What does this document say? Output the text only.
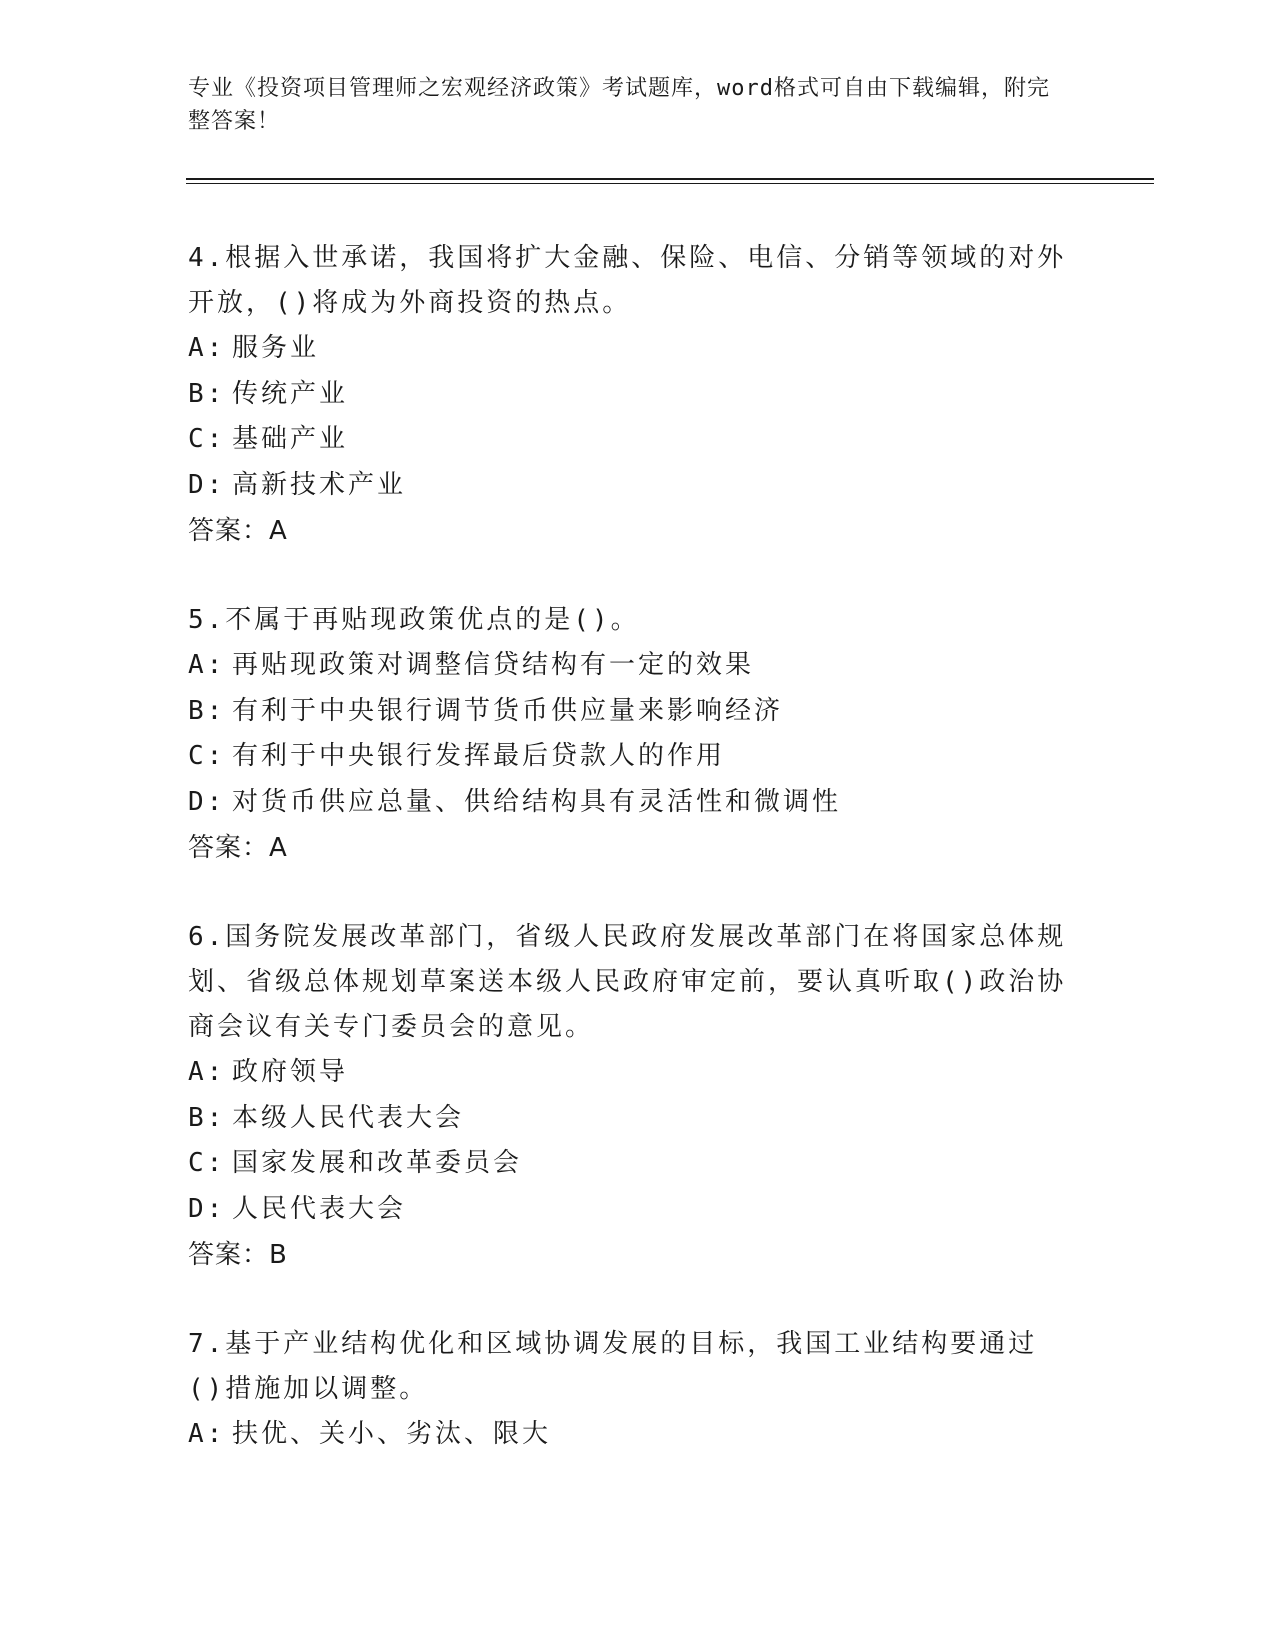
专业《投资项目管理师之宏观经济政策》考试题库，word格式可自由下载编辑，附完整答案！
4.根据入世承诺，我国将扩大金融、保险、电信、分销等领域的对外开放，()将成为外商投资的热点。
A: 服务业
B: 传统产业
C: 基础产业
D: 高新技术产业
答案：A
5.不属于再贴现政策优点的是()。
A: 再贴现政策对调整信贷结构有一定的效果
B: 有利于中央银行调节货币供应量来影响经济
C: 有利于中央银行发挥最后贷款人的作用
D: 对货币供应总量、供给结构具有灵活性和微调性
答案：A
6.国务院发展改革部门，省级人民政府发展改革部门在将国家总体规划、省级总体规划草案送本级人民政府审定前，要认真听取()政治协商会议有关专门委员会的意见。
A: 政府领导
B: 本级人民代表大会
C: 国家发展和改革委员会
D: 人民代表大会
答案：B
7.基于产业结构优化和区域协调发展的目标，我国工业结构要通过()措施加以调整。
A: 扶优、关小、劣汰、限大
